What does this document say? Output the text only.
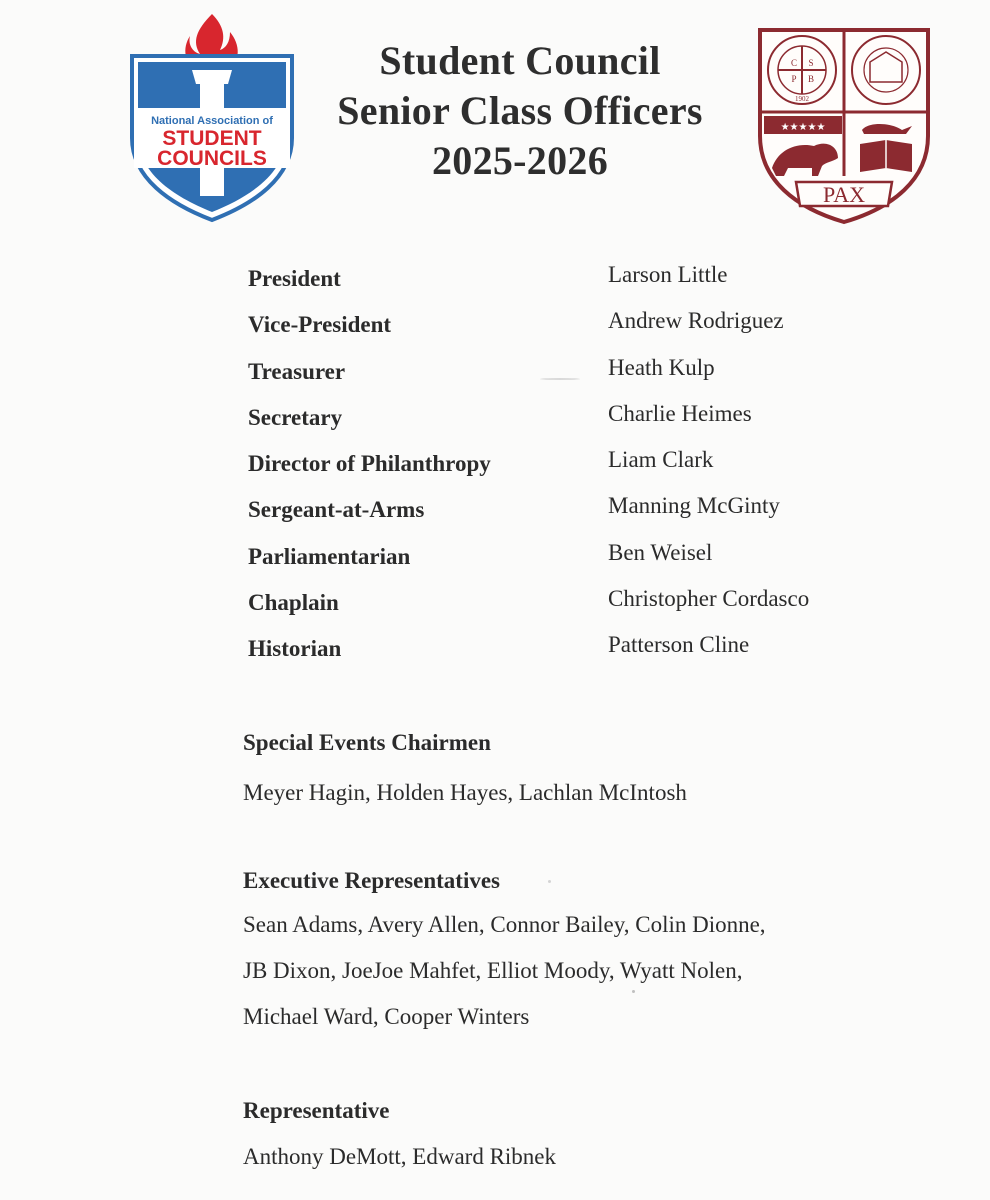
National Association of
STUDENT
COUNCILS
Student Council
Senior Class Officers
2025-2026
★★★★★
C S
P B
1902
PAX
President	Larson Little
Vice-President	Andrew Rodriguez
Treasurer	Heath Kulp
Secretary	Charlie Heimes
Director of Philanthropy	Liam Clark
Sergeant-at-Arms	Manning McGinty
Parliamentarian	Ben Weisel
Chaplain	Christopher Cordasco
Historian	Patterson Cline
Special Events Chairmen
Meyer Hagin, Holden Hayes, Lachlan McIntosh
Executive Representatives
Sean Adams, Avery Allen, Connor Bailey, Colin Dionne,
JB Dixon, JoeJoe Mahfet, Elliot Moody, Wyatt Nolen,
Michael Ward, Cooper Winters
Representative
Anthony DeMott, Edward Ribnek
